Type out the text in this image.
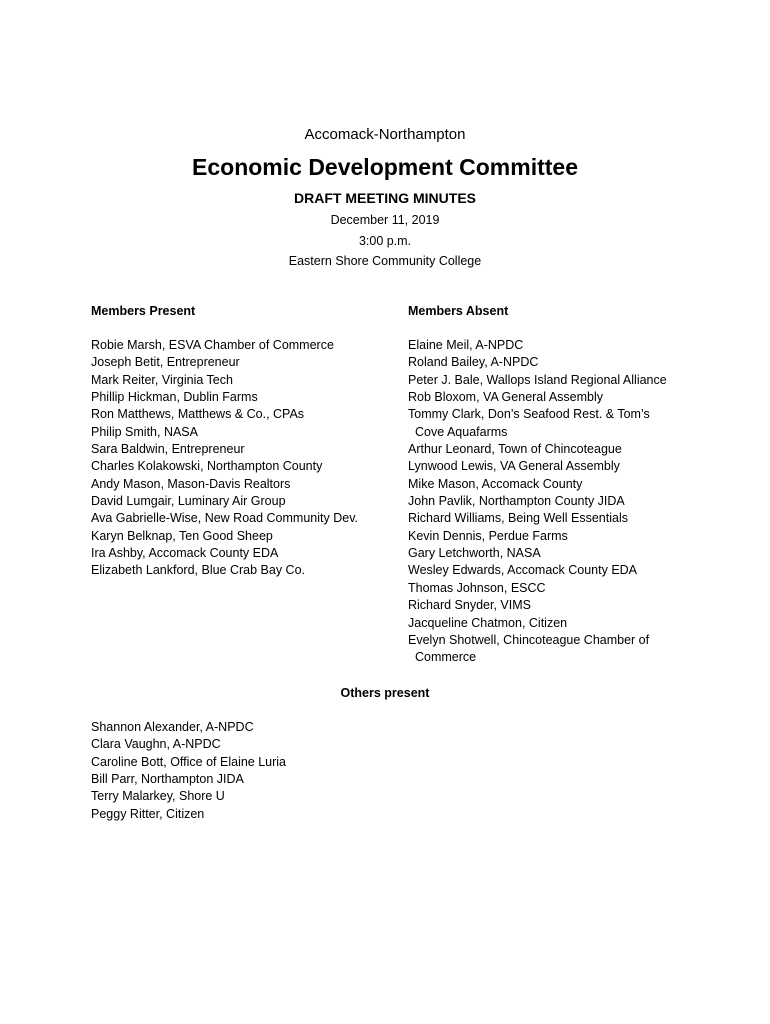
Accomack-Northampton
Economic Development Committee
DRAFT MEETING MINUTES
December 11, 2019
3:00 p.m.
Eastern Shore Community College
Members Present	Members Absent
Robie Marsh, ESVA Chamber of Commerce
Joseph Betit, Entrepreneur
Mark Reiter, Virginia Tech
Phillip Hickman, Dublin Farms
Ron Matthews, Matthews & Co., CPAs
Philip Smith, NASA
Sara Baldwin, Entrepreneur
Charles Kolakowski, Northampton County
Andy Mason, Mason-Davis Realtors
David Lumgair, Luminary Air Group
Ava Gabrielle-Wise, New Road Community Dev.
Karyn Belknap, Ten Good Sheep
Ira Ashby, Accomack County EDA
Elizabeth Lankford, Blue Crab Bay Co.
Elaine Meil, A-NPDC
Roland Bailey, A-NPDC
Peter J. Bale, Wallops Island Regional Alliance
Rob Bloxom, VA General Assembly
Tommy Clark, Don’s Seafood Rest. & Tom’s Cove Aquafarms
Arthur Leonard, Town of Chincoteague
Lynwood Lewis, VA General Assembly
Mike Mason, Accomack County
John Pavlik, Northampton County JIDA
Richard Williams, Being Well Essentials
Kevin Dennis, Perdue Farms
Gary Letchworth, NASA
Wesley Edwards, Accomack County EDA
Thomas Johnson, ESCC
Richard Snyder, VIMS
Jacqueline Chatmon, Citizen
Evelyn Shotwell, Chincoteague Chamber of Commerce
Others present
Shannon Alexander, A-NPDC
Clara Vaughn, A-NPDC
Caroline Bott, Office of Elaine Luria
Bill Parr, Northampton JIDA
Terry Malarkey, Shore U
Peggy Ritter, Citizen
